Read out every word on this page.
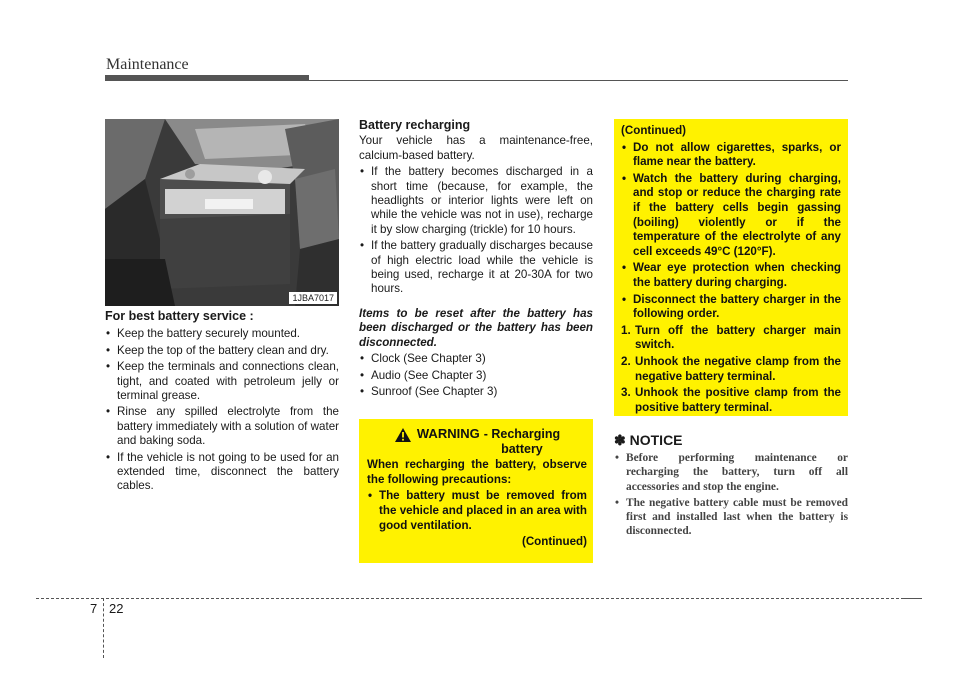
Maintenance
1JBA7017
For best battery service :
• Keep the battery securely mounted.
• Keep the top of the battery clean and dry.
• Keep the terminals and connections clean, tight, and coated with petroleum jelly or terminal grease.
• Rinse any spilled electrolyte from the battery immediately with a solution of water and baking soda.
• If the vehicle is not going to be used for an extended time, disconnect the battery cables.
Battery recharging
Your vehicle has a maintenance-free, calcium-based battery.
• If the battery becomes discharged in a short time (because, for example, the headlights or interior lights were left on while the vehicle was not in use), recharge it by slow charging (trickle) for 10 hours.
• If the battery gradually discharges because of high electric load while the vehicle is being used, recharge it at 20-30A for two hours.
Items to be reset after the battery has been discharged or the battery has been disconnected.
• Clock (See Chapter 3)
• Audio (See Chapter 3)
• Sunroof (See Chapter 3)
WARNING - Recharging
battery
When recharging the battery, observe the following precautions:
• The battery must be removed from the vehicle and placed in an area with good ventilation.
(Continued)
(Continued)
• Do not allow cigarettes, sparks, or flame near the battery.
• Watch the battery during charging, and stop or reduce the charging rate if the battery cells begin gassing (boiling) violently or if the temperature of the electrolyte of any cell exceeds 49°C (120°F).
• Wear eye protection when checking the battery during charging.
• Disconnect the battery charger in the following order.
1. Turn off the battery charger main switch.
2. Unhook the negative clamp from the negative battery terminal.
3. Unhook the positive clamp from the positive battery terminal.
✽ NOTICE
• Before performing maintenance or recharging the battery, turn off all accessories and stop the engine.
• The negative battery cable must be removed first and installed last when the battery is disconnected.
7 22
